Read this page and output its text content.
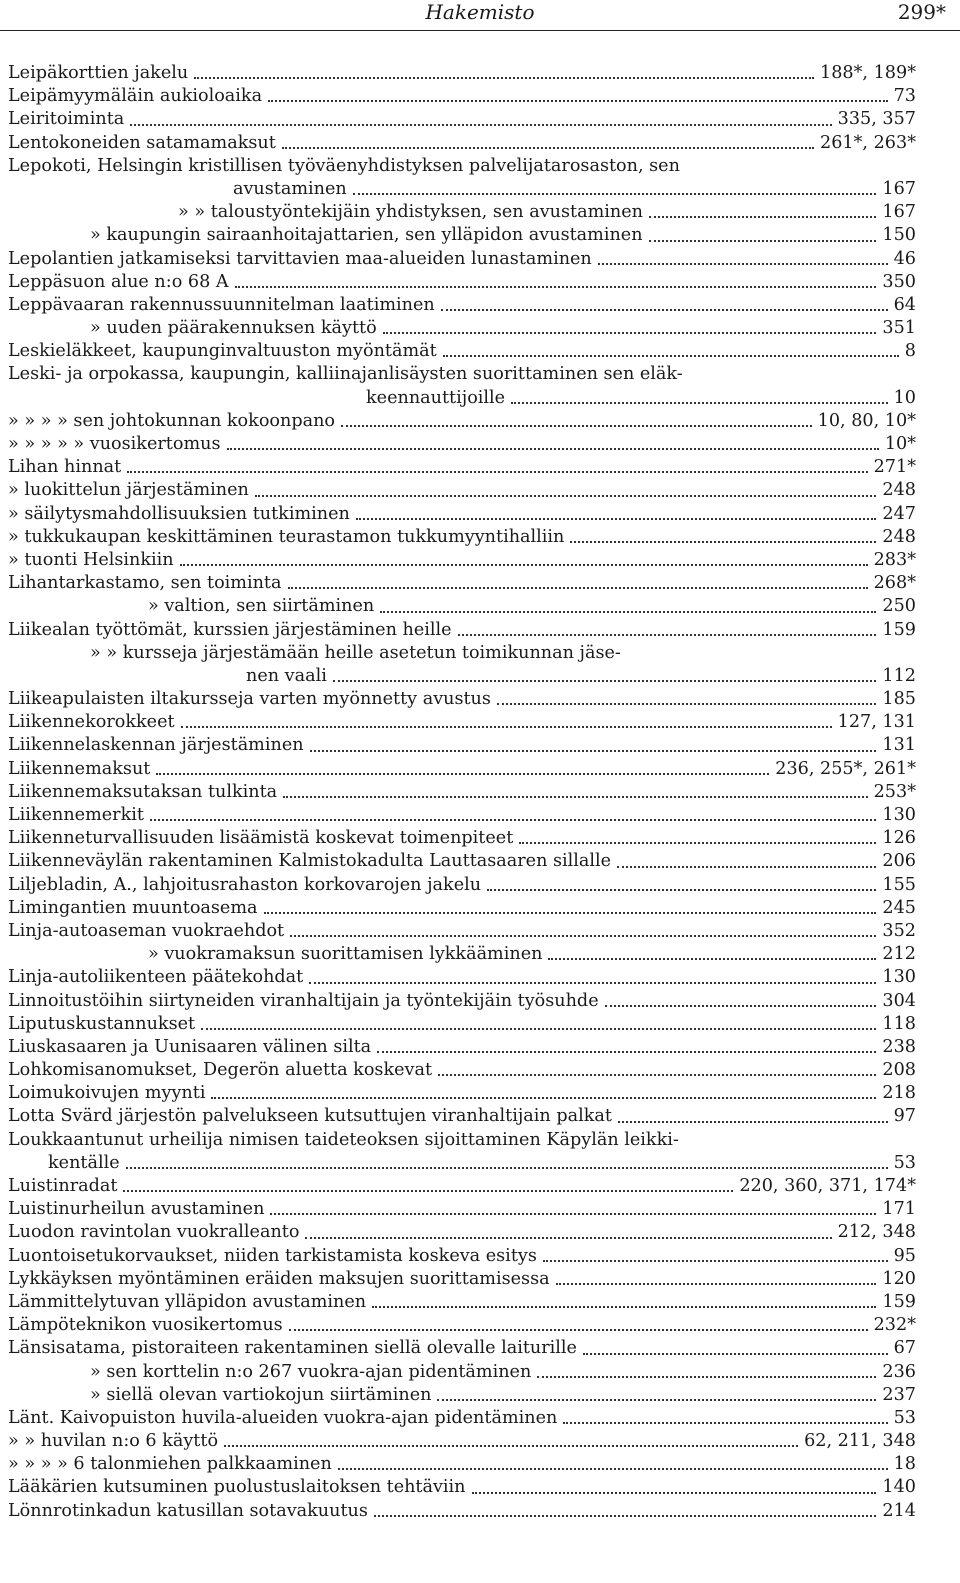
Hakemisto	299*
Leipäkorttien jakelu	188*, 189*
Leipämyymäläin aukioloaika	73
Leiritoiminta	335, 357
Lentokoneiden satamamaksut	261*, 263*
Lepokoti, Helsingin kristillisen työväenyhdistyksen palvelijatarosaston, sen
avustaminen	167
» » taloustyöntekijäin yhdistyksen, sen avustaminen	167
» kaupungin sairaanhoitajattarien, sen ylläpidon avustaminen	150
Lepolantien jatkamiseksi tarvittavien maa-alueiden lunastaminen	46
Leppäsuon alue n:o 68 A	350
Leppävaaran rakennussuunnitelman laatiminen	64
» uuden päärakennuksen käyttö	351
Leskieläkkeet, kaupunginvaltuuston myöntämät	8
Leski- ja orpokassa, kaupungin, kalliinajanlisäysten suorittaminen sen eläk-
keennauttijoille	10
» » » » sen johtokunnan kokoonpano	10, 80, 10*
» » » » » vuosikertomus	10*
Lihan hinnat	271*
» luokittelun järjestäminen	248
» säilytysmahdollisuuksien tutkiminen	247
» tukkukaupan keskittäminen teurastamon tukkumyyntihalliin	248
» tuonti Helsinkiin	283*
Lihantarkastamo, sen toiminta	268*
» valtion, sen siirtäminen	250
Liikealan työttömät, kurssien järjestäminen heille	159
» » kursseja järjestämään heille asetetun toimikunnan jäse-
nen vaali	112
Liikeapulaisten iltakursseja varten myönnetty avustus	185
Liikennekorokkeet	127, 131
Liikennelaskennan järjestäminen	131
Liikennemaksut	236, 255*, 261*
Liikennemaksutaksan tulkinta	253*
Liikennemerkit	130
Liikenneturvallisuuden lisäämistä koskevat toimenpiteet	126
Liikenneväylän rakentaminen Kalmistokadulta Lauttasaaren sillalle	206
Liljebladin, A., lahjoitusrahaston korkovarojen jakelu	155
Limingantien muuntoasema	245
Linja-autoaseman vuokraehdot	352
» vuokramaksun suorittamisen lykkääminen	212
Linja-autoliikenteen päätekohdat	130
Linnoitustöihin siirtyneiden viranhaltijain ja työntekijäin työsuhde	304
Liputuskustannukset	118
Liuskasaaren ja Uunisaaren välinen silta	238
Lohkomisanomukset, Degerön aluetta koskevat	208
Loimukoivujen myynti	218
Lotta Svärd järjestön palvelukseen kutsuttujen viranhaltijain palkat	97
Loukkaantunut urheilija nimisen taideteoksen sijoittaminen Käpylän leikki-
kentälle	53
Luistinradat	220, 360, 371, 174*
Luistinurheilun avustaminen	171
Luodon ravintolan vuokralleanto	212, 348
Luontoisetukorvaukset, niiden tarkistamista koskeva esitys	95
Lykkäyksen myöntäminen eräiden maksujen suorittamisessa	120
Lämmittelytuvan ylläpidon avustaminen	159
Lämpöteknikon vuosikertomus	232*
Länsisatama, pistoraiteen rakentaminen siellä olevalle laiturille	67
» sen korttelin n:o 267 vuokra-ajan pidentäminen	236
» siellä olevan vartiokojun siirtäminen	237
Länt. Kaivopuiston huvila-alueiden vuokra-ajan pidentäminen	53
» » huvilan n:o 6 käyttö	62, 211, 348
» » » » 6 talonmiehen palkkaaminen	18
Lääkärien kutsuminen puolustuslaitoksen tehtäviin	140
Lönnrotinkadun katusillan sotavakuutus	214
